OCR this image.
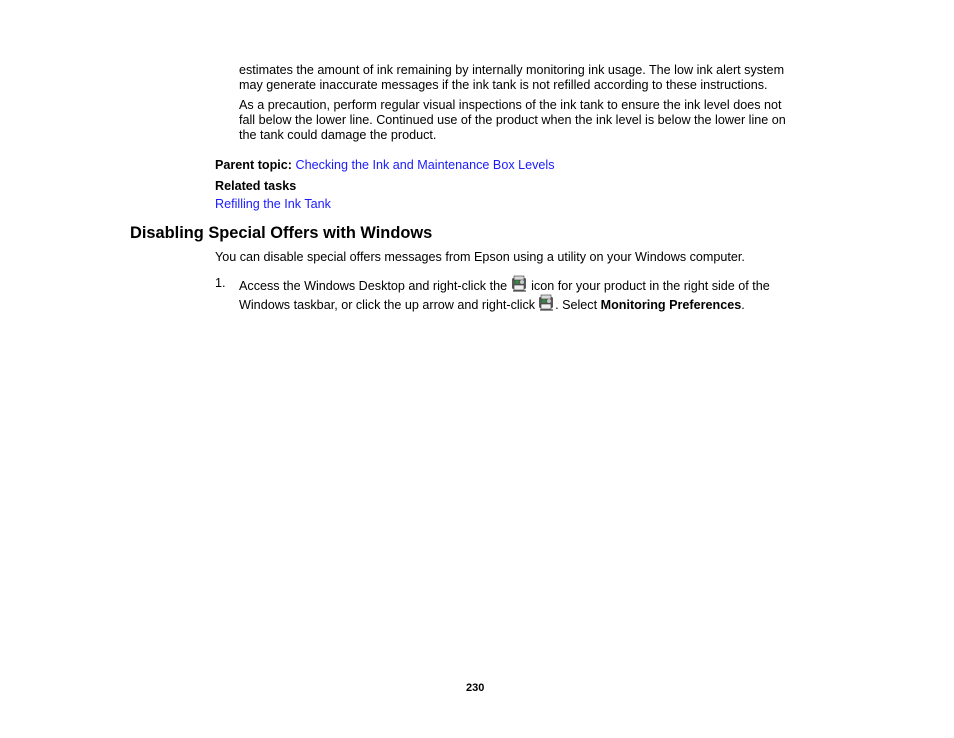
estimates the amount of ink remaining by internally monitoring ink usage. The low ink alert system

may generate inaccurate messages if the ink tank is not refilled according to these instructions.

As a precaution, perform regular visual inspections of the ink tank to ensure the ink level does not

fall below the lower line. Continued use of the product when the ink level is below the lower line on

the tank could damage the product.

Parent topic: Checking the Ink and Maintenance Box Levels

Related tasks

Refilling the Ink Tank

Disabling Special Offers with Windows

You can disable special offers messages from Epson using a utility on your Windows computer.

1. Access the Windows Desktop and right-click the icon for your product in the right side of the

Windows taskbar, or click the up arrow and right-click . Select Monitoring Preferences.

230
